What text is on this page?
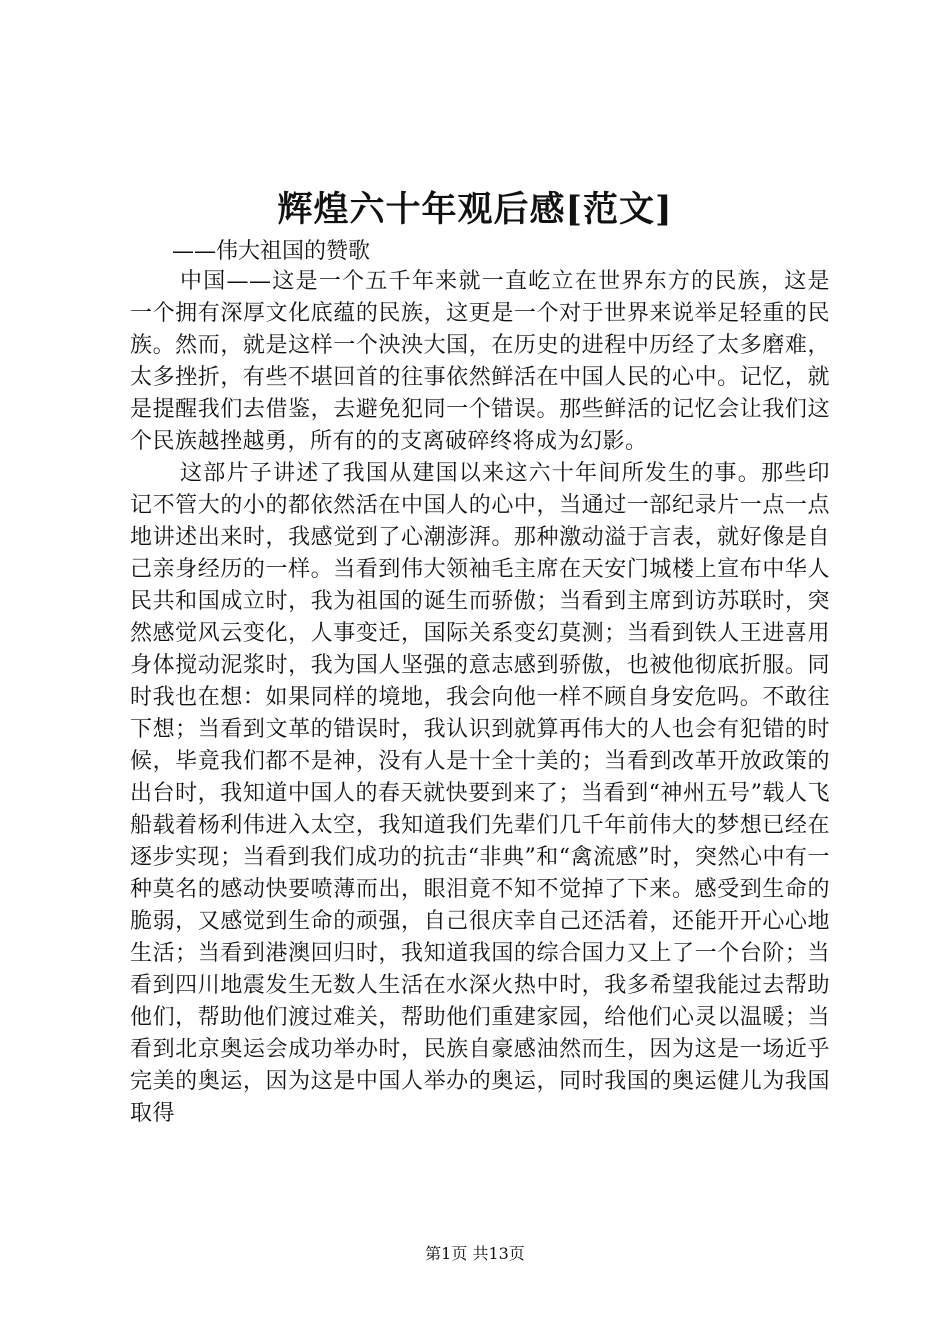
辉煌六十年观后感[范文]

——伟大祖国的赞歌

中国——这是一个五千年来就一直屹立在世界东方的民族，这是一个拥有深厚文化底蕴的民族，这更是一个对于世界来说举足轻重的民族。然而，就是这样一个泱泱大国，在历史的进程中历经了太多磨难，太多挫折，有些不堪回首的往事依然鲜活在中国人民的心中。记忆，就是提醒我们去借鉴，去避免犯同一个错误。那些鲜活的记忆会让我们这个民族越挫越勇，所有的的支离破碎终将成为幻影。

这部片子讲述了我国从建国以来这六十年间所发生的事。那些印记不管大的小的都依然活在中国人的心中，当通过一部纪录片一点一点地讲述出来时，我感觉到了心潮澎湃。那种激动溢于言表，就好像是自己亲身经历的一样。当看到伟大领袖毛主席在天安门城楼上宣布中华人民共和国成立时，我为祖国的诞生而骄傲；当看到主席到访苏联时，突然感觉风云变化，人事变迁，国际关系变幻莫测；当看到铁人王进喜用身体搅动泥浆时，我为国人坚强的意志感到骄傲，也被他彻底折服。同时我也在想：如果同样的境地，我会向他一样不顾自身安危吗。不敢往下想；当看到文革的错误时，我认识到就算再伟大的人也会有犯错的时候，毕竟我们都不是神，没有人是十全十美的；当看到改革开放政策的出台时，我知道中国人的春天就快要到来了；当看到“神州五号”载人飞船载着杨利伟进入太空，我知道我们先辈们几千年前伟大的梦想已经在逐步实现；当看到我们成功的抗击“非典”和“禽流感”时，突然心中有一种莫名的感动快要喷薄而出，眼泪竟不知不觉掉了下来。感受到生命的脆弱，又感觉到生命的顽强，自己很庆幸自己还活着，还能开开心心地生活；当看到港澳回归时，我知道我国的综合国力又上了一个台阶；当看到四川地震发生无数人生活在水深火热中时，我多希望我能过去帮助他们，帮助他们渡过难关，帮助他们重建家园，给他们心灵以温暖；当看到北京奥运会成功举办时，民族自豪感油然而生，因为这是一场近乎完美的奥运，因为这是中国人举办的奥运，同时我国的奥运健儿为我国取得

第1页 共13页
